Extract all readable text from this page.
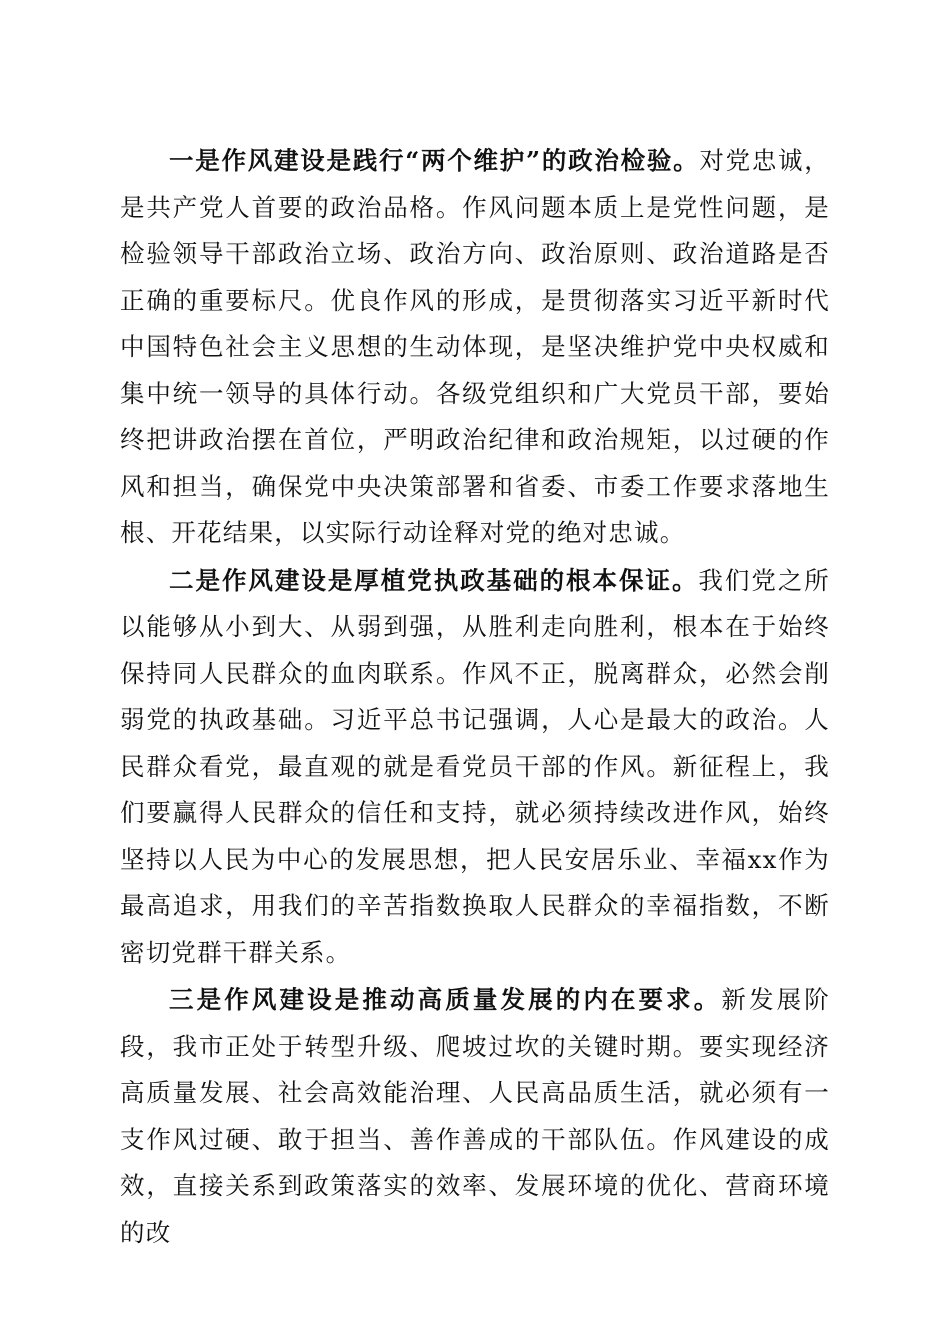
一是作风建设是践行“两个维护”的政治检验。对党忠诚，是共产党人首要的政治品格。作风问题本质上是党性问题，是检验领导干部政治立场、政治方向、政治原则、政治道路是否正确的重要标尺。优良作风的形成，是贯彻落实习近平新时代中国特色社会主义思想的生动体现，是坚决维护党中央权威和集中统一领导的具体行动。各级党组织和广大党员干部，要始终把讲政治摆在首位，严明政治纪律和政治规矩，以过硬的作风和担当，确保党中央决策部署和省委、市委工作要求落地生根、开花结果，以实际行动诠释对党的绝对忠诚。

二是作风建设是厚植党执政基础的根本保证。我们党之所以能够从小到大、从弱到强，从胜利走向胜利，根本在于始终保持同人民群众的血肉联系。作风不正，脱离群众，必然会削弱党的执政基础。习近平总书记强调，人心是最大的政治。人民群众看党，最直观的就是看党员干部的作风。新征程上，我们要赢得人民群众的信任和支持，就必须持续改进作风，始终坚持以人民为中心的发展思想，把人民安居乐业、幸福xx作为最高追求，用我们的辛苦指数换取人民群众的幸福指数，不断密切党群干群关系。

三是作风建设是推动高质量发展的内在要求。新发展阶段，我市正处于转型升级、爬坡过坎的关键时期。要实现经济高质量发展、社会高效能治理、人民高品质生活，就必须有一支作风过硬、敢于担当、善作善成的干部队伍。作风建设的成效，直接关系到政策落实的效率、发展环境的优化、营商环境的改
